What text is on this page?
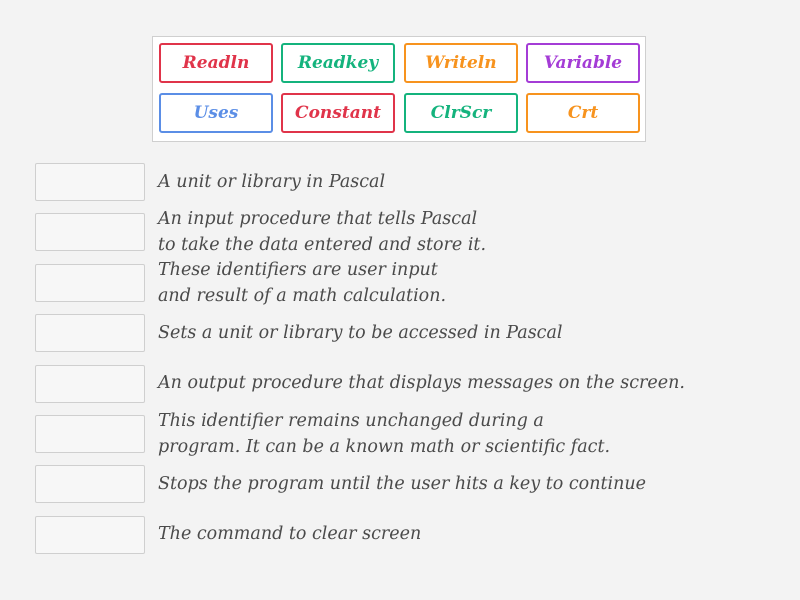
Readln	Readkey	Writeln	Variable
Uses	Constant	ClrScr	Crt
A unit or library in Pascal
An input procedure that tells Pascal
to take the data entered and store it.
These identifiers are user input
and result of a math calculation.
Sets a unit or library to be accessed in Pascal
An output procedure that displays messages on the screen.
This identifier remains unchanged during a
program. It can be a known math or scientific fact.
Stops the program until the user hits a key to continue
The command to clear screen
